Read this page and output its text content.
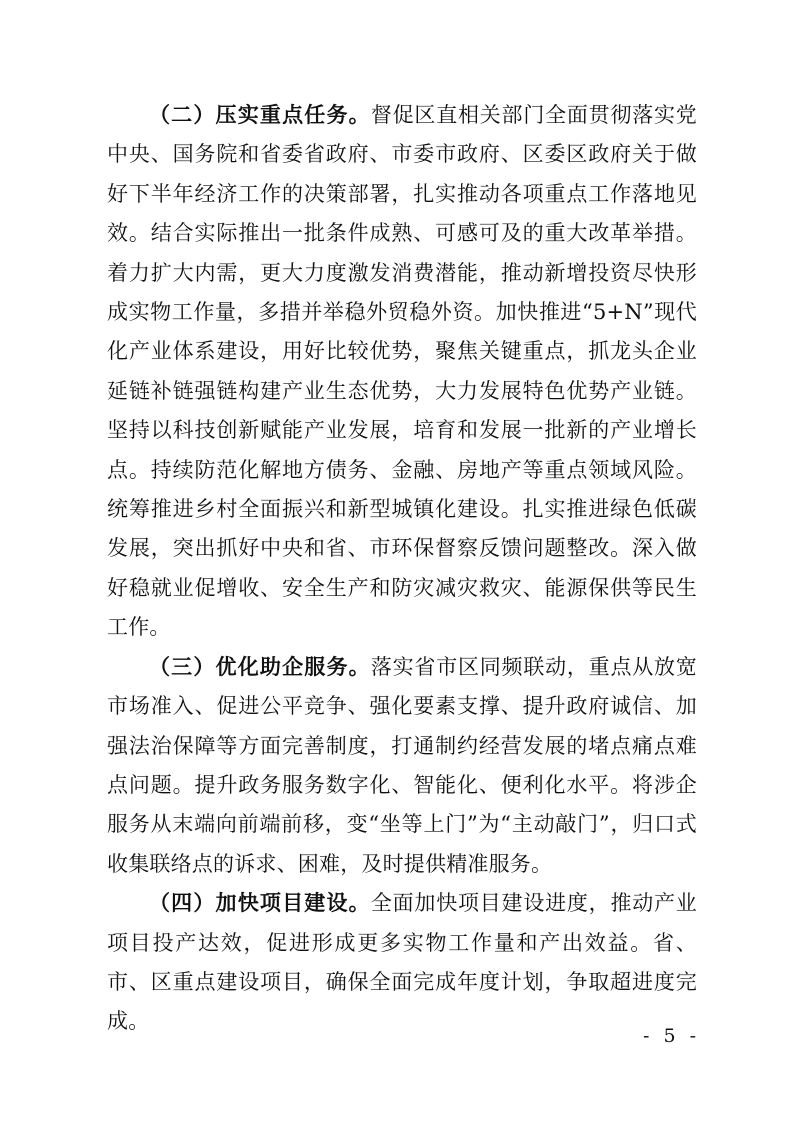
（二）压实重点任务。督促区直相关部门全面贯彻落实党中央、国务院和省委省政府、市委市政府、区委区政府关于做好下半年经济工作的决策部署，扎实推动各项重点工作落地见效。结合实际推出一批条件成熟、可感可及的重大改革举措。着力扩大内需，更大力度激发消费潜能，推动新增投资尽快形成实物工作量，多措并举稳外贸稳外资。加快推进“5+N”现代化产业体系建设，用好比较优势，聚焦关键重点，抓龙头企业延链补链强链构建产业生态优势，大力发展特色优势产业链。坚持以科技创新赋能产业发展，培育和发展一批新的产业增长点。持续防范化解地方债务、金融、房地产等重点领域风险。统筹推进乡村全面振兴和新型城镇化建设。扎实推进绿色低碳发展，突出抓好中央和省、市环保督察反馈问题整改。深入做好稳就业促增收、安全生产和防灾减灾救灾、能源保供等民生工作。

（三）优化助企服务。落实省市区同频联动，重点从放宽市场准入、促进公平竞争、强化要素支撑、提升政府诚信、加强法治保障等方面完善制度，打通制约经营发展的堵点痛点难点问题。提升政务服务数字化、智能化、便利化水平。将涉企服务从末端向前端前移，变“坐等上门”为“主动敲门”，归口式收集联络点的诉求、困难，及时提供精准服务。

（四）加快项目建设。全面加快项目建设进度，推动产业项目投产达效，促进形成更多实物工作量和产出效益。省、市、区重点建设项目，确保全面完成年度计划，争取超进度完成。

- 5 -
